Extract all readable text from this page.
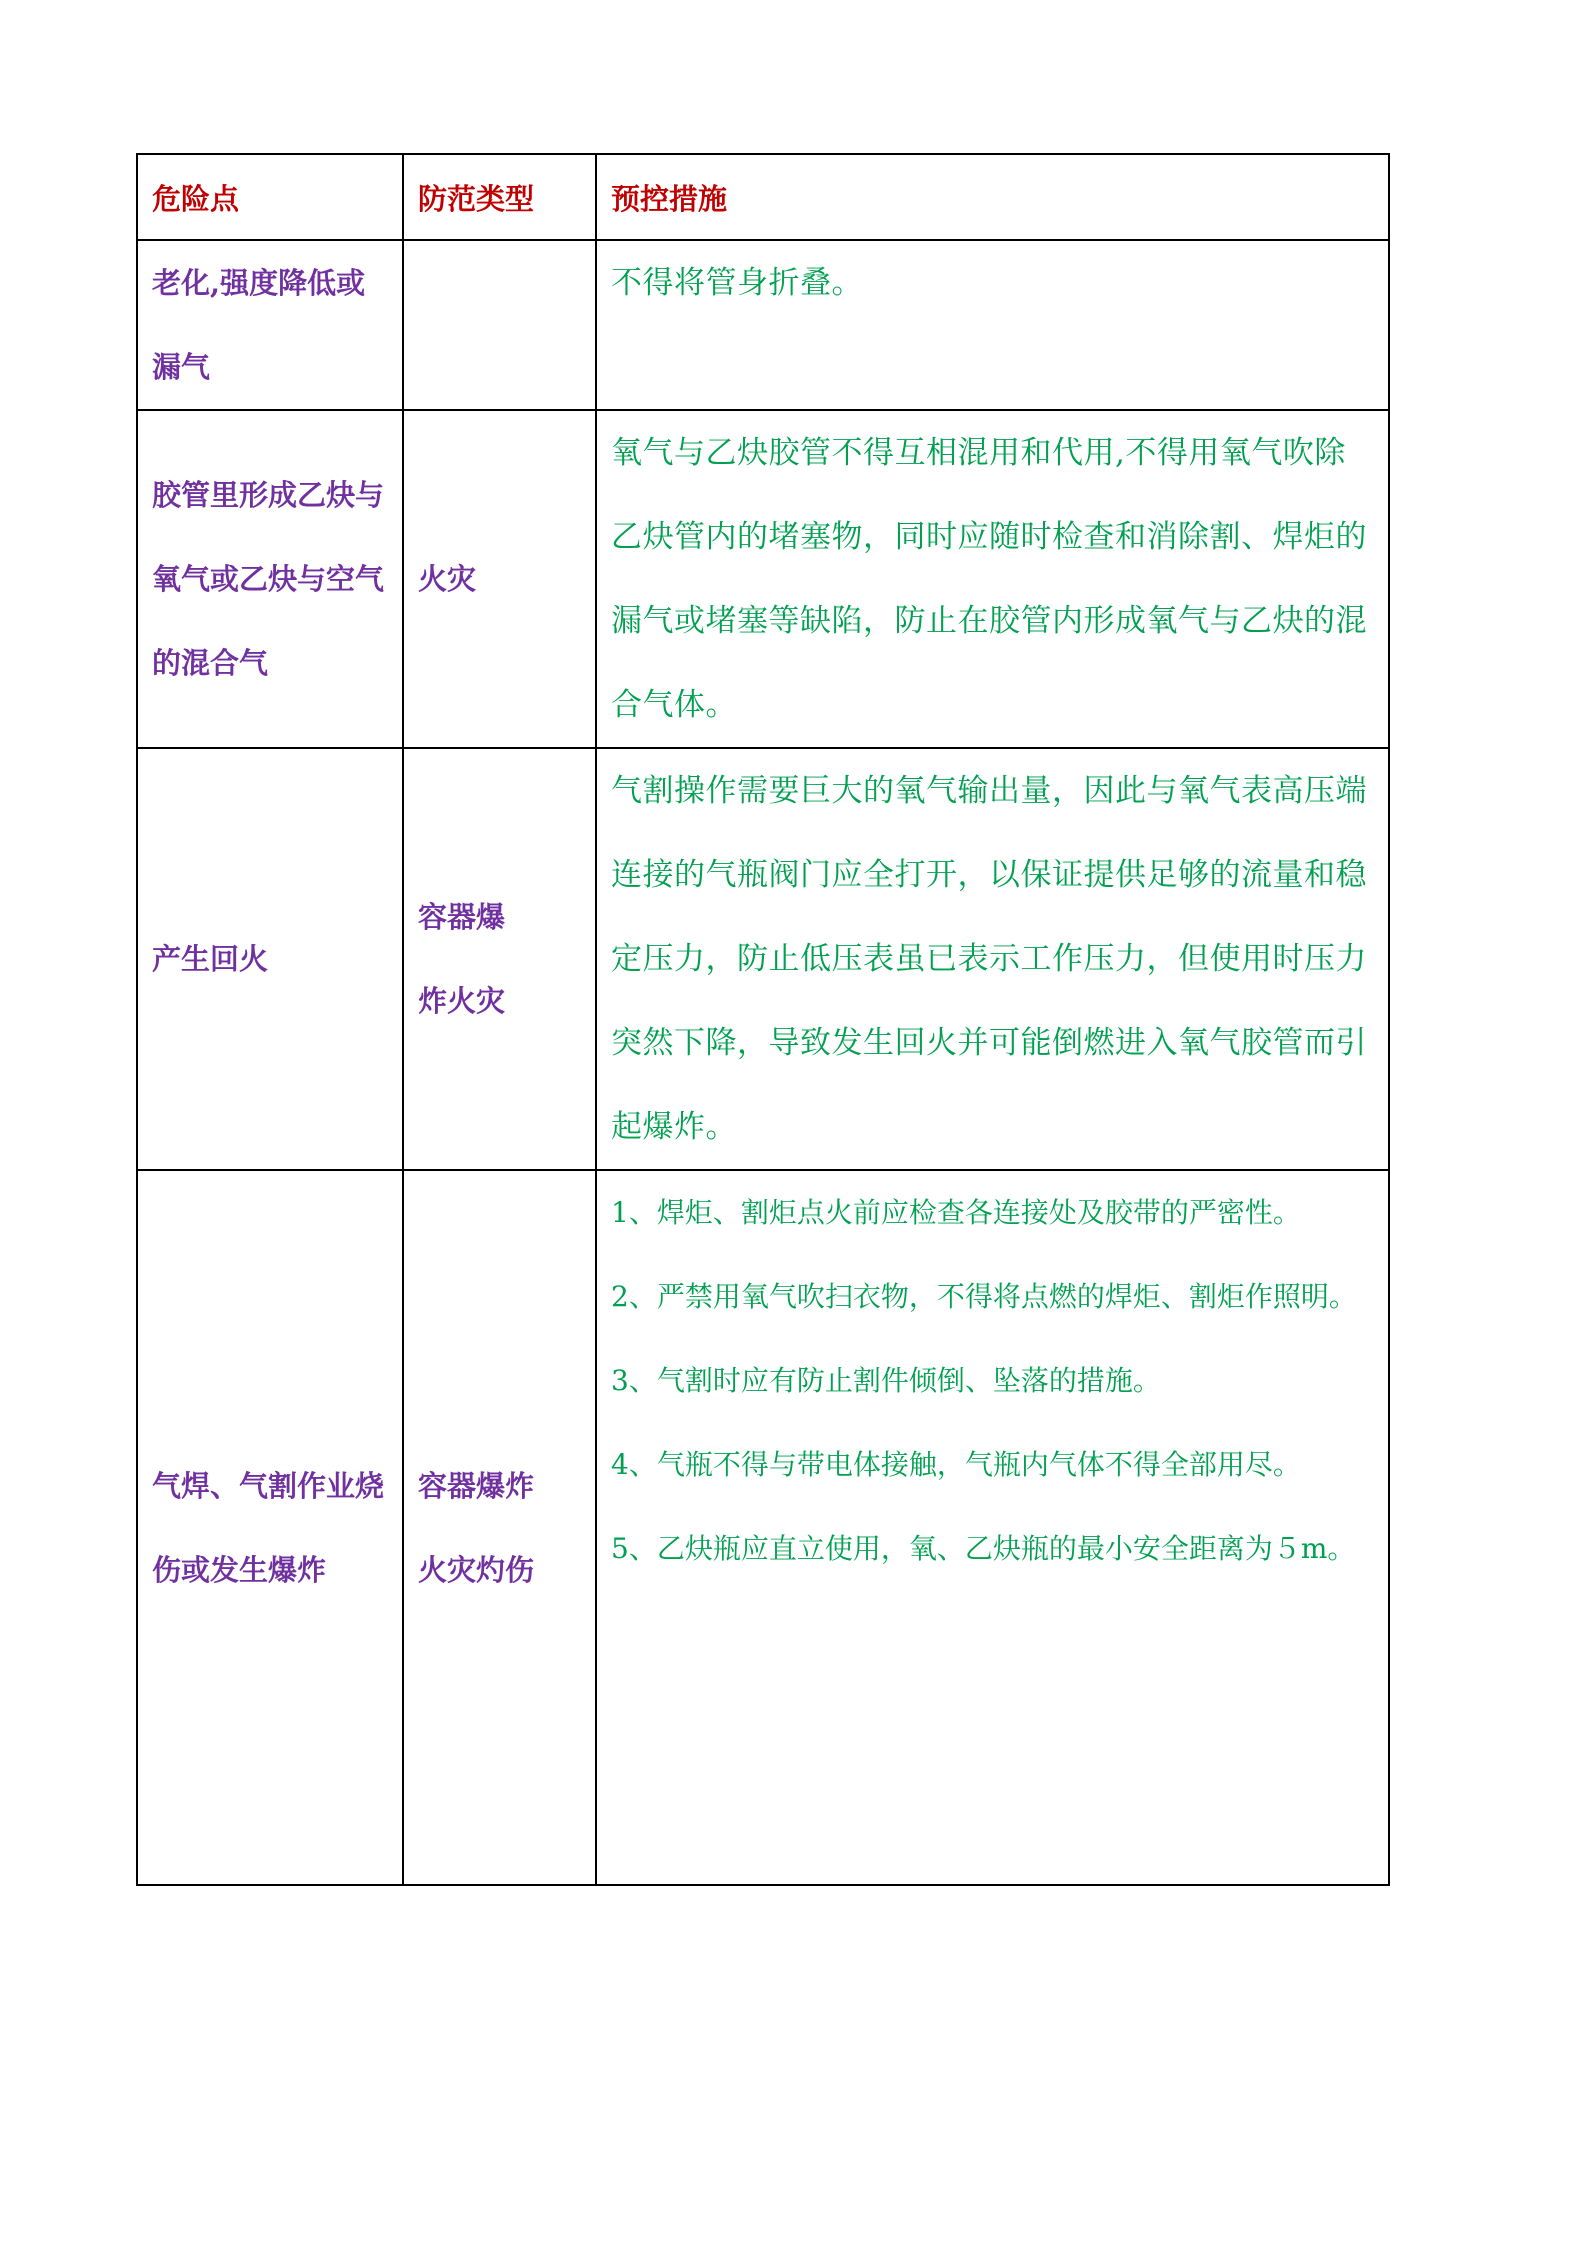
危险点	防范类型	预控措施

老化,强度降低或漏气		不得将管身折叠。

胶管里形成乙炔与氧气或乙炔与空气的混合气	火灾	氧气与乙炔胶管不得互相混用和代用,不得用氧气吹除乙炔管内的堵塞物，同时应随时检查和消除割、焊炬的漏气或堵塞等缺陷，防止在胶管内形成氧气与乙炔的混合气体。

产生回火	容器爆炸火灾	气割操作需要巨大的氧气输出量，因此与氧气表高压端连接的气瓶阀门应全打开，以保证提供足够的流量和稳定压力，防止低压表虽已表示工作压力，但使用时压力突然下降，导致发生回火并可能倒燃进入氧气胶管而引起爆炸。

气焊、气割作业烧伤或发生爆炸	容器爆炸火灾灼伤	1、焊炬、割炬点火前应检查各连接处及胶带的严密性。
2、严禁用氧气吹扫衣物，不得将点燃的焊炬、割炬作照明。
3、气割时应有防止割件倾倒、坠落的措施。
4、气瓶不得与带电体接触，气瓶内气体不得全部用尽。
5、乙炔瓶应直立使用，氧、乙炔瓶的最小安全距离为５m。
